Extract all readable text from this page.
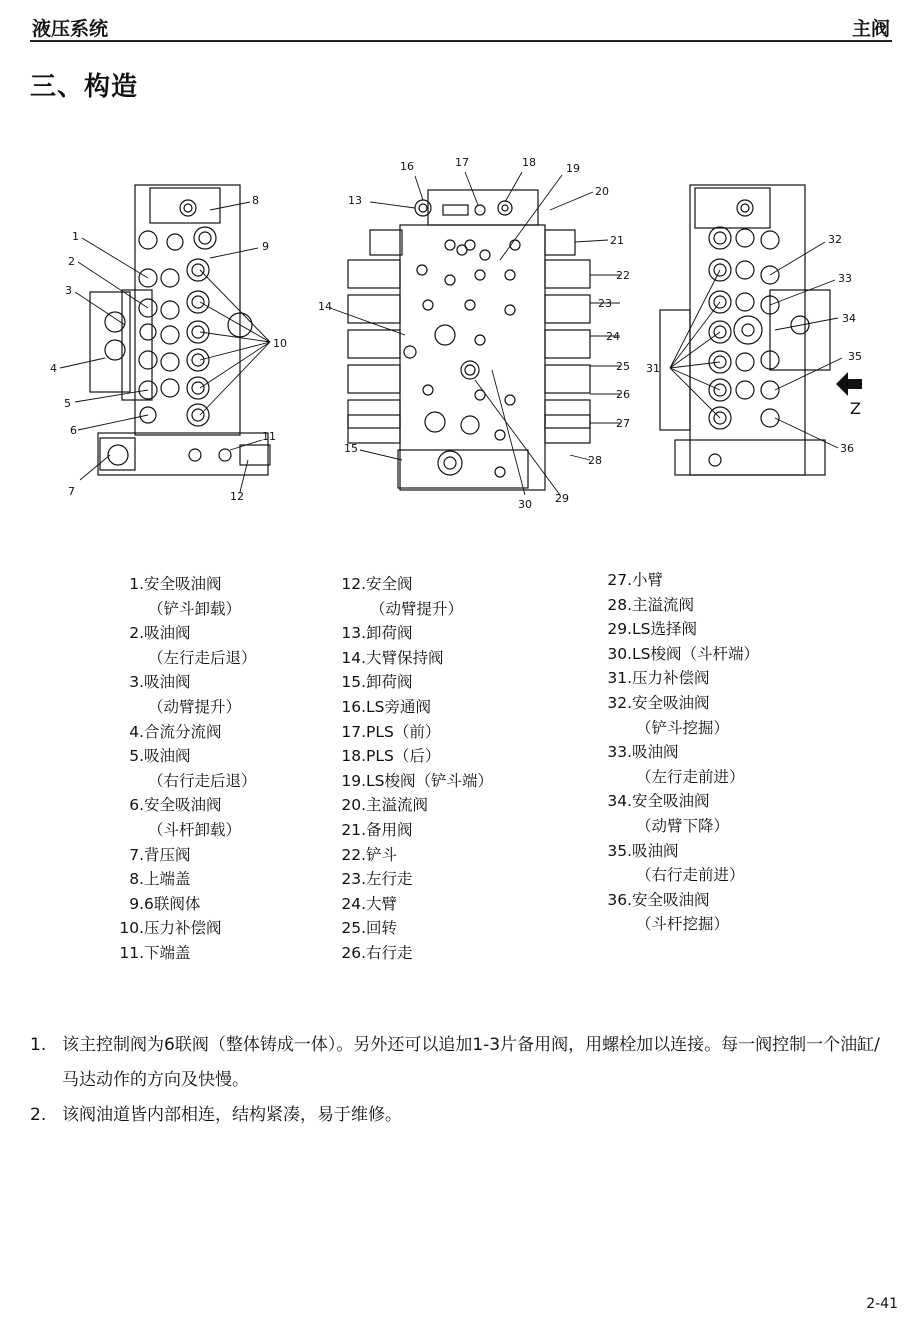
液压系统	主阀
三、构造
1
2
3
4
5
6
7
8
9
10
11
12
13
14
15
16	17	18	19
20
21
22
23
24
25
26
27
28
29
30
31
32
33
34
35
36
Z
1.安全吸油阀
（铲斗卸载）
2.吸油阀
（左行走后退）
3.吸油阀
（动臂提升）
4.合流分流阀
5.吸油阀
（右行走后退）
6.安全吸油阀
（斗杆卸载）
7.背压阀
8.上端盖
9.6联阀体
10.压力补偿阀
11.下端盖
12.安全阀
（动臂提升）
13.卸荷阀
14.大臂保持阀
15.卸荷阀
16.LS旁通阀
17.PLS（前）
18.PLS（后）
19.LS梭阀（铲斗端）
20.主溢流阀
21.备用阀
22.铲斗
23.左行走
24.大臂
25.回转
26.右行走
27.小臂
28.主溢流阀
29.LS选择阀
30.LS梭阀（斗杆端）
31.压力补偿阀
32.安全吸油阀
（铲斗挖掘）
33.吸油阀
（左行走前进）
34.安全吸油阀
（动臂下降）
35.吸油阀
（右行走前进）
36.安全吸油阀
（斗杆挖掘）
1. 该主控制阀为6联阀（整体铸成一体）。另外还可以追加1-3片备用阀，用螺栓加以连接。每一阀控制一个油缸/马达动作的方向及快慢。
2. 该阀油道皆内部相连，结构紧凑，易于维修。
2-41
